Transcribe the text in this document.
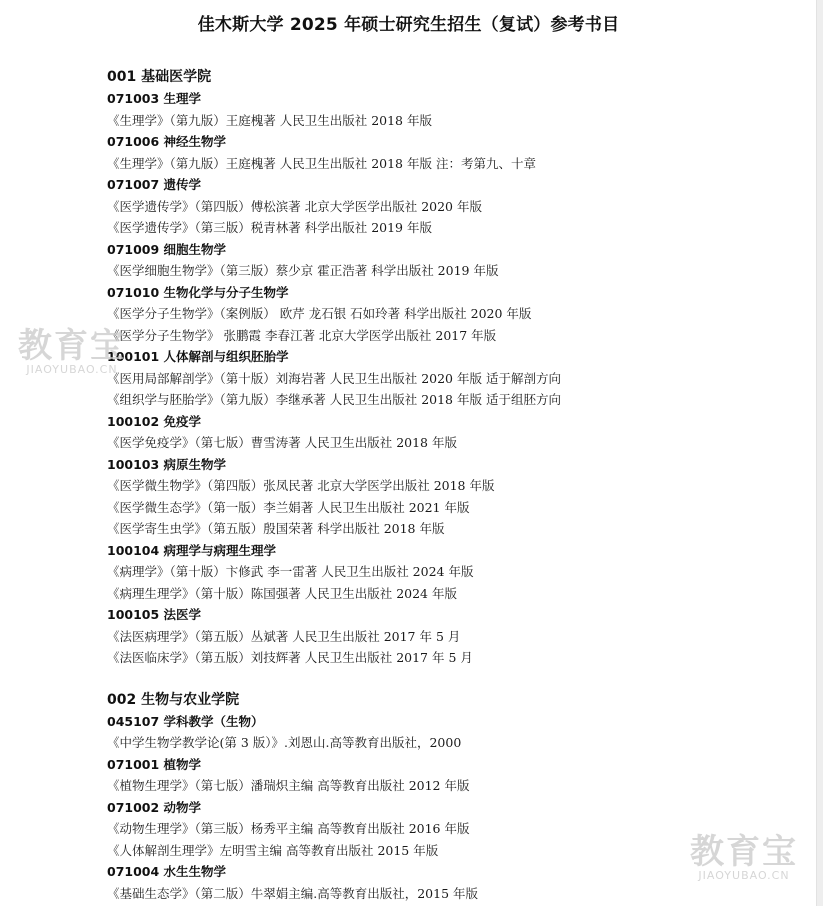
佳木斯大学 2025 年硕士研究生招生（复试）参考书目
001 基础医学院
071003 生理学
《生理学》（第九版）王庭槐著 人民卫生出版社 2018 年版
071006 神经生物学
《生理学》（第九版）王庭槐著 人民卫生出版社 2018 年版 注：考第九、十章
071007 遗传学
《医学遗传学》（第四版）傅松滨著 北京大学医学出版社 2020 年版
《医学遗传学》（第三版）税青林著 科学出版社 2019 年版
071009 细胞生物学
《医学细胞生物学》（第三版）蔡少京 霍正浩著 科学出版社 2019 年版
071010 生物化学与分子生物学
《医学分子生物学》（案例版） 欧芹 龙石银 石如玲著 科学出版社 2020 年版
《医学分子生物学》 张鹏霞 李春江著 北京大学医学出版社 2017 年版
100101 人体解剖与组织胚胎学
《医用局部解剖学》（第十版）刘海岩著 人民卫生出版社 2020 年版 适于解剖方向
《组织学与胚胎学》（第九版）李继承著 人民卫生出版社 2018 年版 适于组胚方向
100102 免疫学
《医学免疫学》（第七版）曹雪涛著 人民卫生出版社 2018 年版
100103 病原生物学
《医学微生物学》（第四版）张凤民著 北京大学医学出版社 2018 年版
《医学微生态学》（第一版）李兰娟著 人民卫生出版社 2021 年版
《医学寄生虫学》（第五版）殷国荣著 科学出版社 2018 年版
100104 病理学与病理生理学
《病理学》（第十版）卞修武 李一雷著 人民卫生出版社 2024 年版
《病理生理学》（第十版）陈国强著 人民卫生出版社 2024 年版
100105 法医学
《法医病理学》（第五版）丛斌著 人民卫生出版社 2017 年 5 月
《法医临床学》（第五版）刘技辉著 人民卫生出版社 2017 年 5 月
002 生物与农业学院
045107 学科教学（生物）
《中学生物学教学论(第 3 版）》.刘恩山.高等教育出版社，2000
071001 植物学
《植物生理学》（第七版）潘瑞炽主编 高等教育出版社 2012 年版
071002 动物学
《动物生理学》（第三版）杨秀平主编 高等教育出版社 2016 年版
《人体解剖生理学》左明雪主编 高等教育出版社 2015 年版
071004 水生生物学
《基础生态学》（第二版）牛翠娟主编.高等教育出版社，2015 年版
教育宝
JIAOYUBAO.CN
教育宝
JIAOYUBAO.CN
